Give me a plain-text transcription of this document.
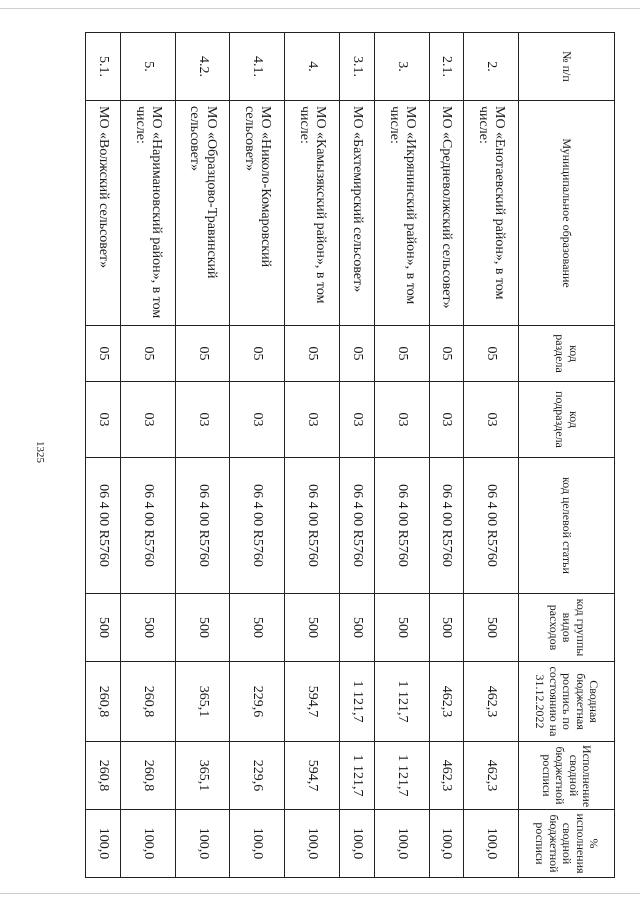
1325
№ п/п	Муниципальное образование	код раздела	код подраздела	код целевой статьи	код группы видов расходов	Сводная бюджетная роспись по состоянию на 31.12.2022	Исполнение сводной бюджетной росписи	% исполнения сводной бюджетной росписи
2.	МО «Енотаевский район», в том числе:	05	03	06 4 00 R5760	500	462,3	462,3	100,0
2.1.	МО «Средневолжский сельсовет»	05	03	06 4 00 R5760	500	462,3	462,3	100,0
3.	МО «Икрянинский район», в том числе:	05	03	06 4 00 R5760	500	1 121,7	1 121,7	100,0
3.1.	МО «Бахтемирский сельсовет»	05	03	06 4 00 R5760	500	1 121,7	1 121,7	100,0
4.	МО «Камызякский район», в том числе:	05	03	06 4 00 R5760	500	594,7	594,7	100,0
4.1.	МО «Николо-Комаровский сельсовет»	05	03	06 4 00 R5760	500	229,6	229,6	100,0
4.2.	МО «Образцово-Травинский сельсовет»	05	03	06 4 00 R5760	500	365,1	365,1	100,0
5.	МО «Наримановский район», в том числе:	05	03	06 4 00 R5760	500	260,8	260,8	100,0
5.1.	МО «Волжский сельсовет»	05	03	06 4 00 R5760	500	260,8	260,8	100,0
